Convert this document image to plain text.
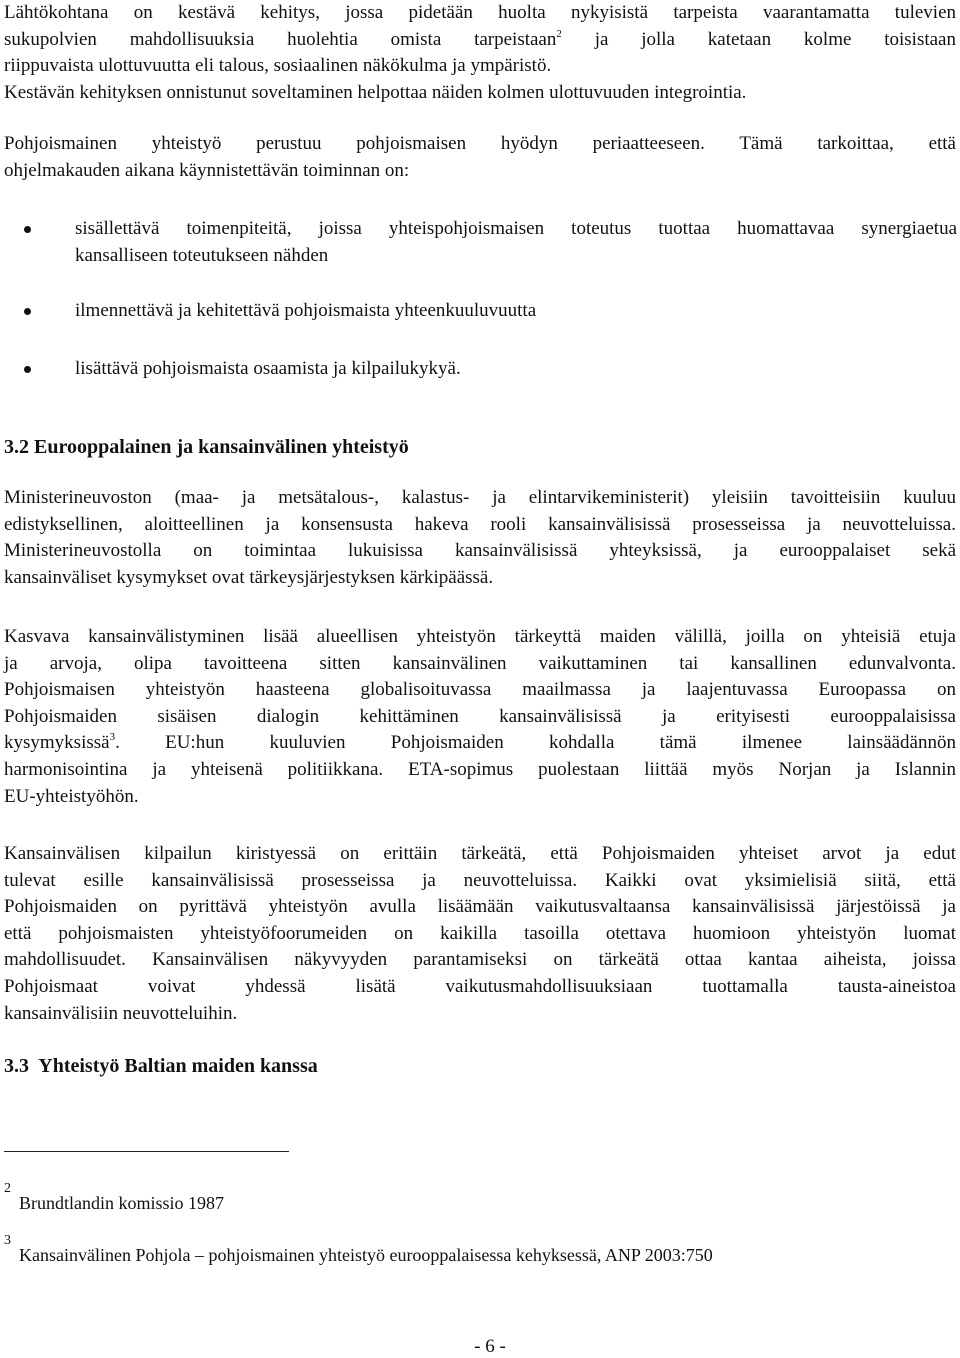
Lähtökohtana on kestävä kehitys, jossa pidetään huolta nykyisistä tarpeista vaarantamatta tulevien
sukupolvien mahdollisuuksia huolehtia omista tarpeistaan$^2$ ja jolla katetaan kolme toisistaan
riippuvaista ulottuvuutta eli talous, sosiaalinen näkökulma ja ympäristö.
Kestävän kehityksen onnistunut soveltaminen helpottaa näiden kolmen ulottuvuuden integrointia.
Pohjoismainen yhteistyö perustuu pohjoismaisen hyödyn periaatteeseen. Tämä tarkoittaa, että
ohjelmakauden aikana käynnistettävän toiminnan on:
sisällettävä toimenpiteitä, joissa yhteispohjoismaisen toteutus tuottaa huomattavaa synergiaetua
kansalliseen toteutukseen nähden
ilmennettävä ja kehitettävä pohjoismaista yhteenkuuluvuutta
lisättävä pohjoismaista osaamista ja kilpailukykyä.
3.2 Eurooppalainen ja kansainvälinen yhteistyö
Ministerineuvoston (maa- ja metsätalous-, kalastus- ja elintarvikeministerit) yleisiin tavoitteisiin kuuluu
edistyksellinen, aloitteellinen ja konsensusta hakeva rooli kansainvälisissä prosesseissa ja neuvotteluissa.
Ministerineuvostolla on toimintaa lukuisissa kansainvälisissä yhteyksissä, ja eurooppalaiset sekä
kansainväliset kysymykset ovat tärkeysjärjestyksen kärkipäässä.
Kasvava kansainvälistyminen lisää alueellisen yhteistyön tärkeyttä maiden välillä, joilla on yhteisiä etuja
ja arvoja, olipa tavoitteena sitten kansainvälinen vaikuttaminen tai kansallinen edunvalvonta.
Pohjoismaisen yhteistyön haasteena globalisoituvassa maailmassa ja laajentuvassa Euroopassa on
Pohjoismaiden sisäisen dialogin kehittäminen kansainvälisissä ja erityisesti eurooppalaisissa
kysymyksissä$^3$. EU:hun kuuluvien Pohjoismaiden kohdalla tämä ilmenee lainsäädännön
harmonisointina ja yhteisenä politiikkana. ETA-sopimus puolestaan liittää myös Norjan ja Islannin
EU-yhteistyöhön.
Kansainvälisen kilpailun kiristyessä on erittäin tärkeätä, että Pohjoismaiden yhteiset arvot ja edut
tulevat esille kansainvälisissä prosesseissa ja neuvotteluissa. Kaikki ovat yksimielisiä siitä, että
Pohjoismaiden on pyrittävä yhteistyön avulla lisäämään vaikutusvaltaansa kansainvälisissä järjestöissä ja
että pohjoismaisten yhteistyöfoorumeiden on kaikilla tasoilla otettava huomioon yhteistyön luomat
mahdollisuudet. Kansainvälisen näkyvyyden parantamiseksi on tärkeätä ottaa kantaa aiheista, joissa
Pohjoismaat voivat yhdessä lisätä vaikutusmahdollisuuksiaan tuottamalla tausta-aineistoa
kansainvälisiin neuvotteluihin.
3.3  Yhteistyö Baltian maiden kanssa
2
Brundtlandin komissio 1987
3
Kansainvälinen Pohjola – pohjoismainen yhteistyö eurooppalaisessa kehyksessä, ANP 2003:750
- 6 -
